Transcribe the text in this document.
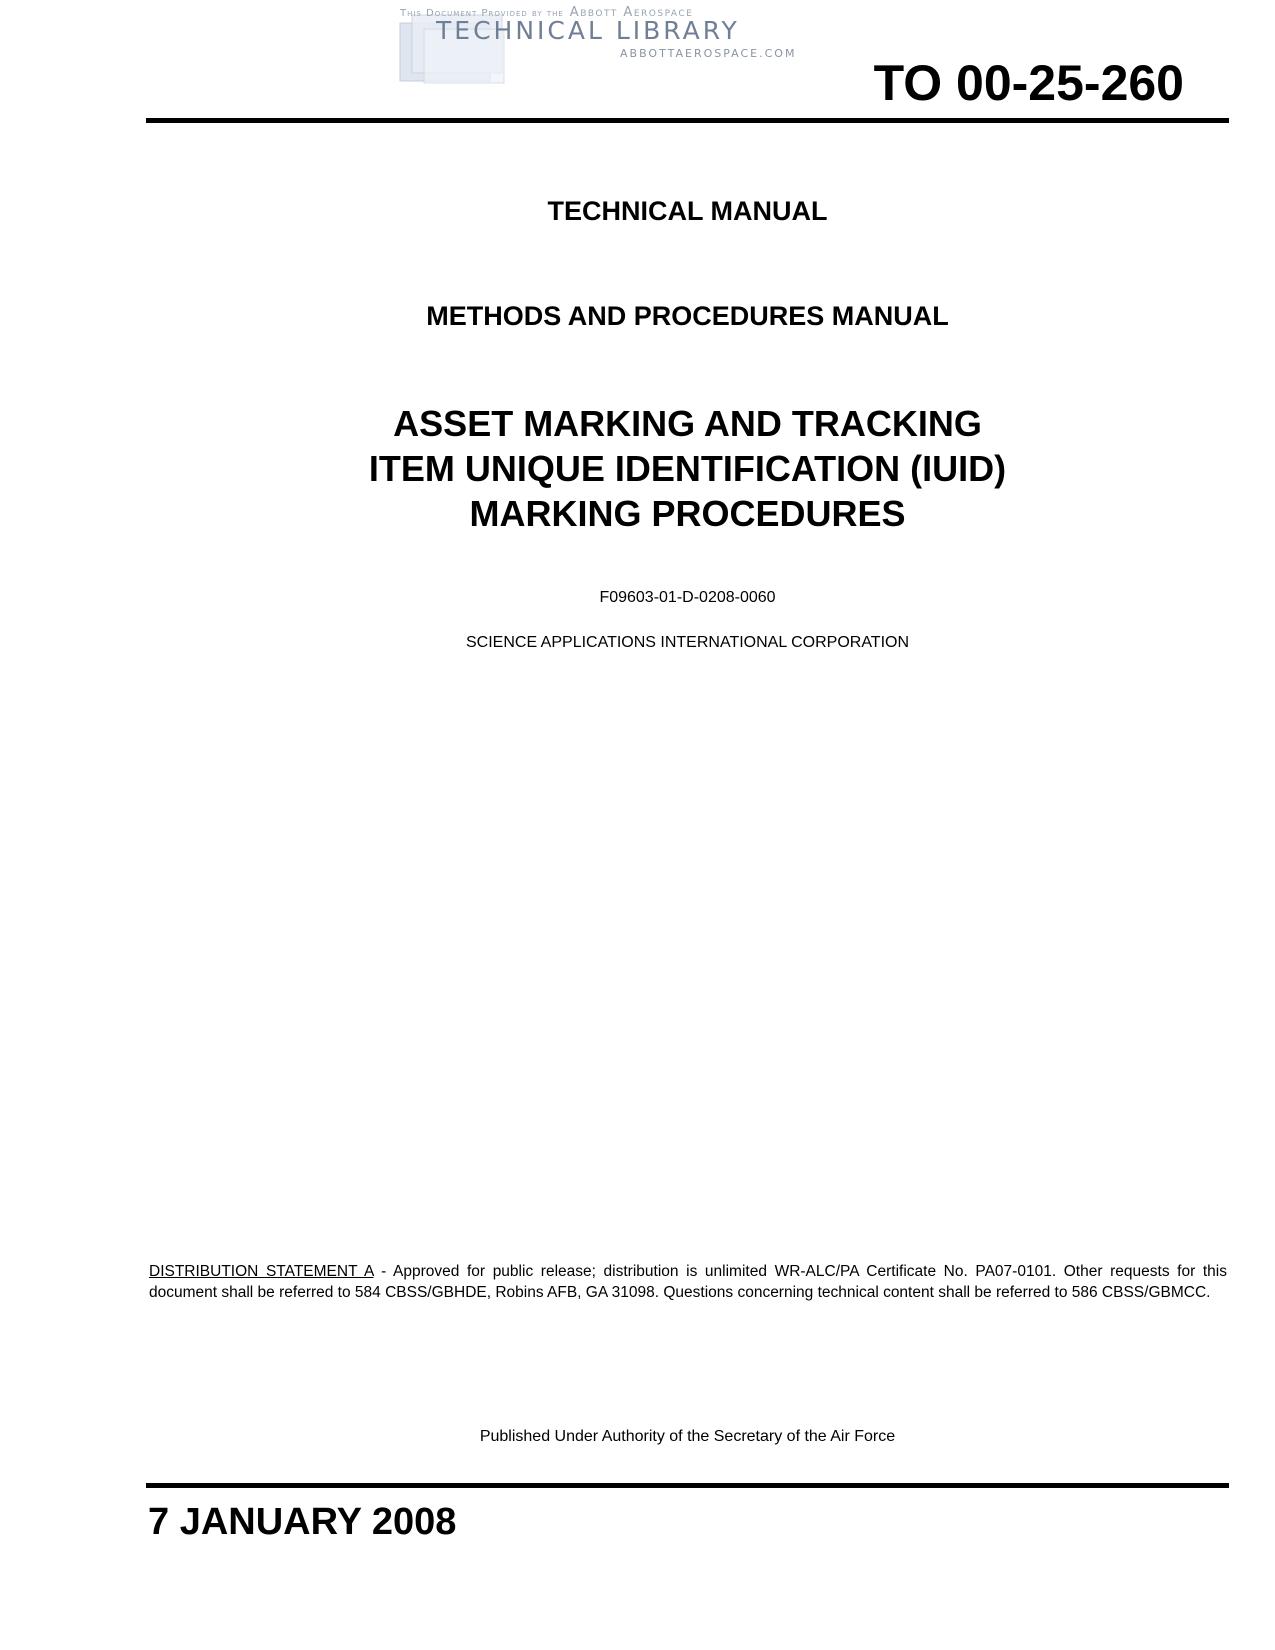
This Document Provided by the Abbott Aerospace
TECHNICAL LIBRARY
ABBOTTAEROSPACE.COM
TO 00-25-260
TECHNICAL MANUAL
METHODS AND PROCEDURES MANUAL
ASSET MARKING AND TRACKING
ITEM UNIQUE IDENTIFICATION (IUID)
MARKING PROCEDURES
F09603-01-D-0208-0060
SCIENCE APPLICATIONS INTERNATIONAL CORPORATION
DISTRIBUTION STATEMENT A - Approved for public release; distribution is unlimited WR-ALC/PA Certificate No. PA07-0101. Other requests for this document shall be referred to 584 CBSS/GBHDE, Robins AFB, GA 31098. Questions concerning technical content shall be referred to 586 CBSS/GBMCC.
Published Under Authority of the Secretary of the Air Force
7 JANUARY 2008
